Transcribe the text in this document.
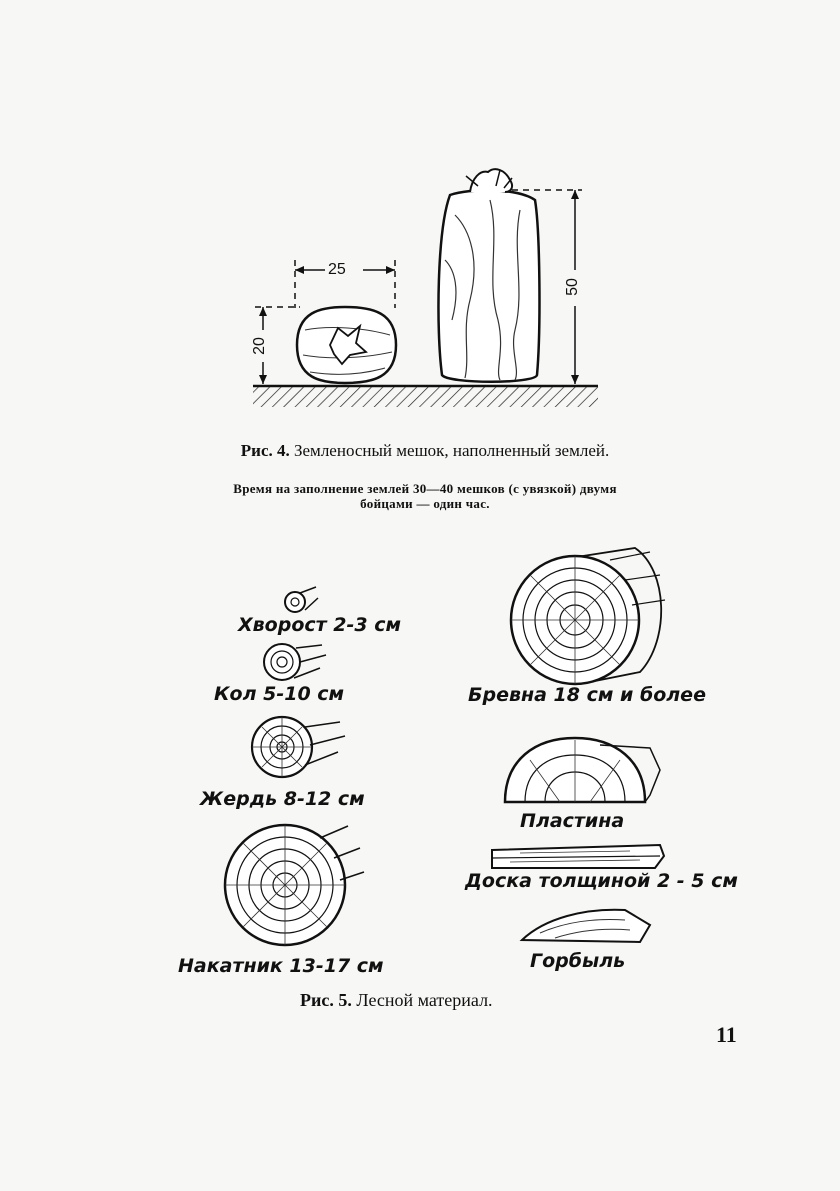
25
20
50
Рис. 4. Земленосный мешок, наполненный землей.
Время на заполнение землей 30—40 мешков (с увязкой) двумя бойцами — один час.
Хворост 2-3 см
Кол 5-10 см
Жердь 8-12 см
Накатник 13-17 см
Бревна 18 см и более
Пластина
Доска толщиной 2 - 5 см
Горбыль
Рис. 5. Лесной материал.
11
